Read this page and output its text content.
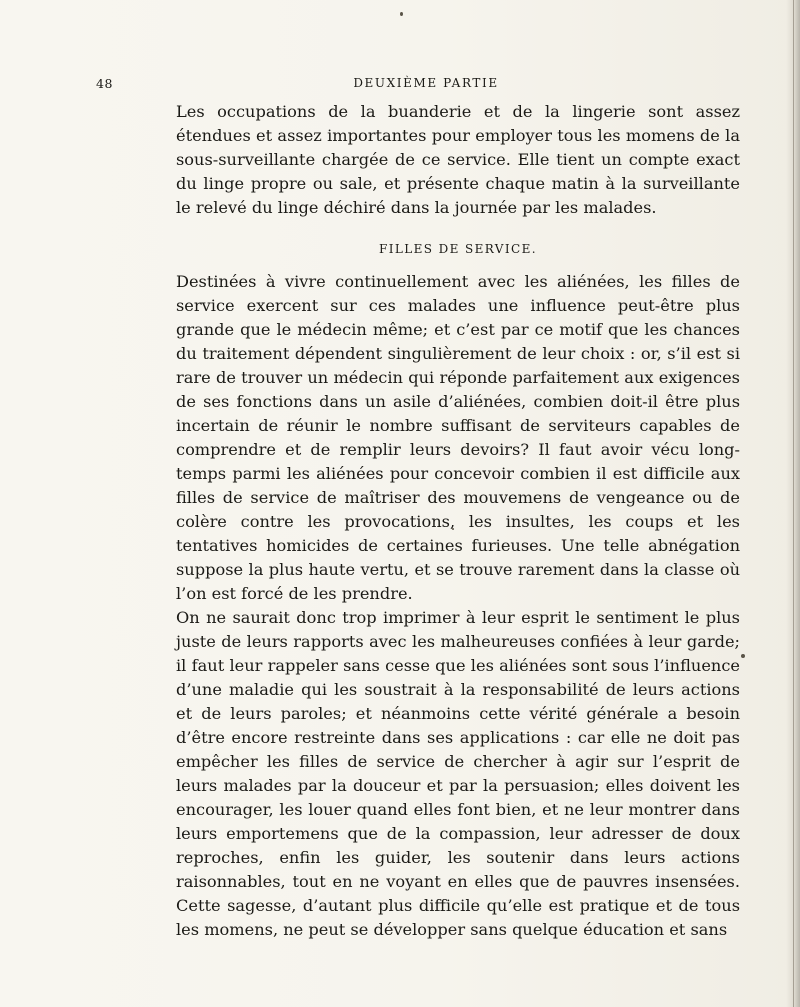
48	DEUXIÈME PARTIE

Les occupations de la buanderie et de la lingerie sont assez étendues et assez importantes pour employer tous les momens de la sous-surveillante chargée de ce service. Elle tient un compte exact du linge propre ou sale, et présente chaque matin à la surveillante le relevé du linge déchiré dans la journée par les malades.

FILLES DE SERVICE.

Destinées à vivre continuellement avec les aliénées, les filles de service exercent sur ces malades une influence peut-être plus grande que le médecin même; et c’est par ce motif que les chances du traitement dépendent singulièrement de leur choix : or, s’il est si rare de trouver un médecin qui réponde parfaitement aux exigences de ses fonctions dans un asile d’aliénées, combien doit-il être plus incertain de réunir le nombre suffisant de serviteurs capables de comprendre et de remplir leurs devoirs? Il faut avoir vécu long-temps parmi les aliénées pour concevoir combien il est difficile aux filles de service de maîtriser des mouvemens de vengeance ou de colère contre les provocations, les insultes, les coups et les tentatives homicides de certaines furieuses. Une telle abnégation suppose la plus haute vertu, et se trouve rarement dans la classe où l’on est forcé de les prendre.

On ne saurait donc trop imprimer à leur esprit le sentiment le plus juste de leurs rapports avec les malheureuses confiées à leur garde; il faut leur rappeler sans cesse que les aliénées sont sous l’influence d’une maladie qui les soustrait à la responsabilité de leurs actions et de leurs paroles; et néanmoins cette vérité générale a besoin d’être encore restreinte dans ses applications : car elle ne doit pas empêcher les filles de service de chercher à agir sur l’esprit de leurs malades par la douceur et par la persuasion; elles doivent les encourager, les louer quand elles font bien, et ne leur montrer dans leurs emportemens que de la compassion, leur adresser de doux reproches, enfin les guider, les soutenir dans leurs actions raisonnables, tout en ne voyant en elles que de pauvres insensées. Cette sagesse, d’autant plus difficile qu’elle est pratique et de tous les momens, ne peut se développer sans quelque éducation et sans
